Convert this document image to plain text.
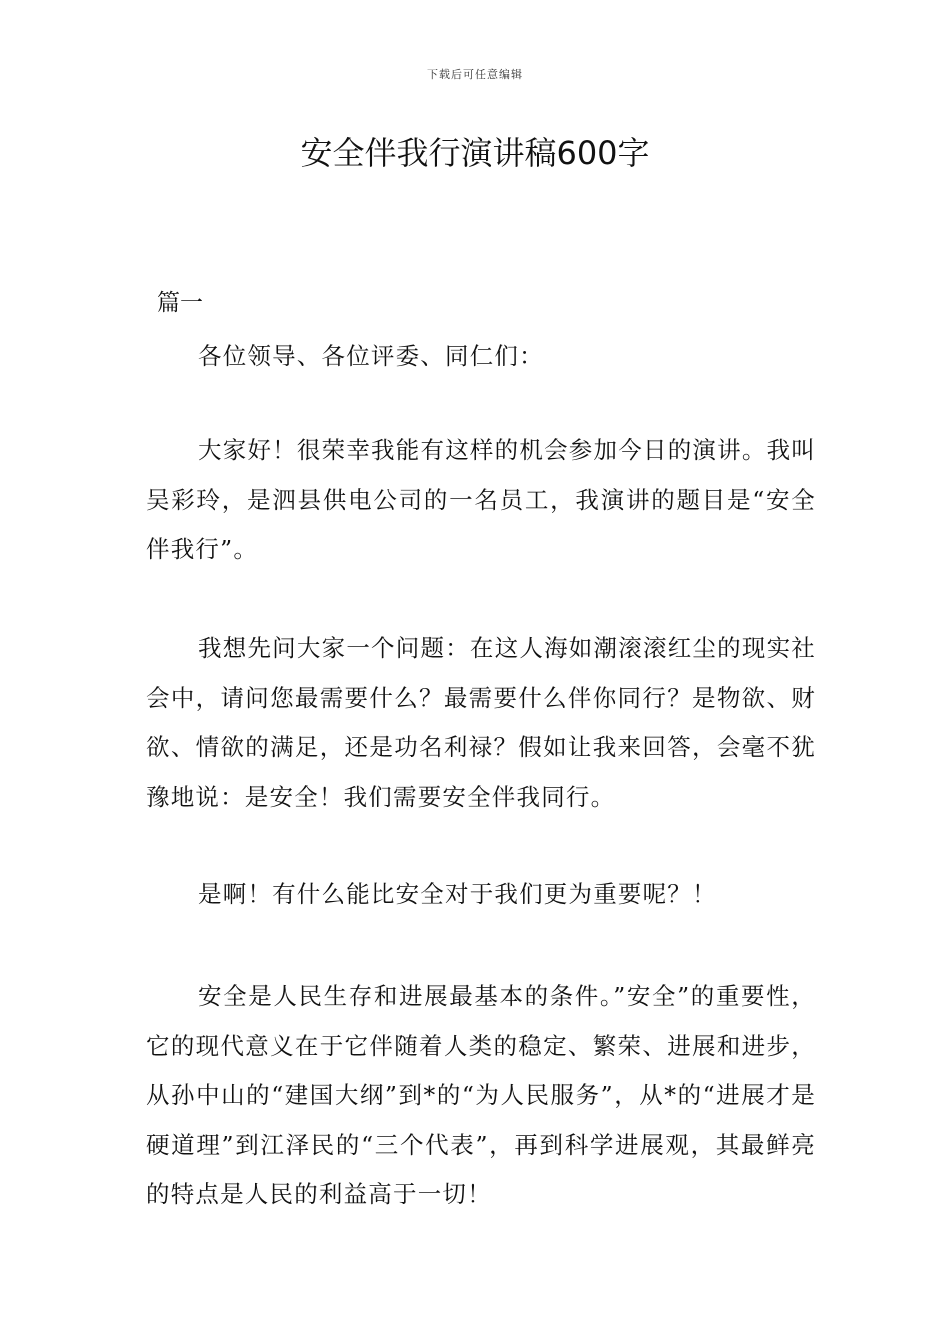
下载后可任意编辑
安全伴我行演讲稿600字
篇一

各位领导、各位评委、同仁们：

大家好！很荣幸我能有这样的机会参加今日的演讲。我叫吴彩玲，是泗县供电公司的一名员工，我演讲的题目是“安全伴我行”。

我想先问大家一个问题：在这人海如潮滚滚红尘的现实社会中，请问您最需要什么？最需要什么伴你同行？是物欲、财欲、情欲的满足，还是功名利禄？假如让我来回答，会毫不犹豫地说：是安全！我们需要安全伴我同行。

是啊！有什么能比安全对于我们更为重要呢？！

安全是人民生存和进展最基本的条件。”安全”的重要性，它的现代意义在于它伴随着人类的稳定、繁荣、进展和进步，从孙中山的“建国大纲”到*的“为人民服务”，从*的“进展才是硬道理”到江泽民的“三个代表”，再到科学进展观，其最鲜亮的特点是人民的利益高于一切！
